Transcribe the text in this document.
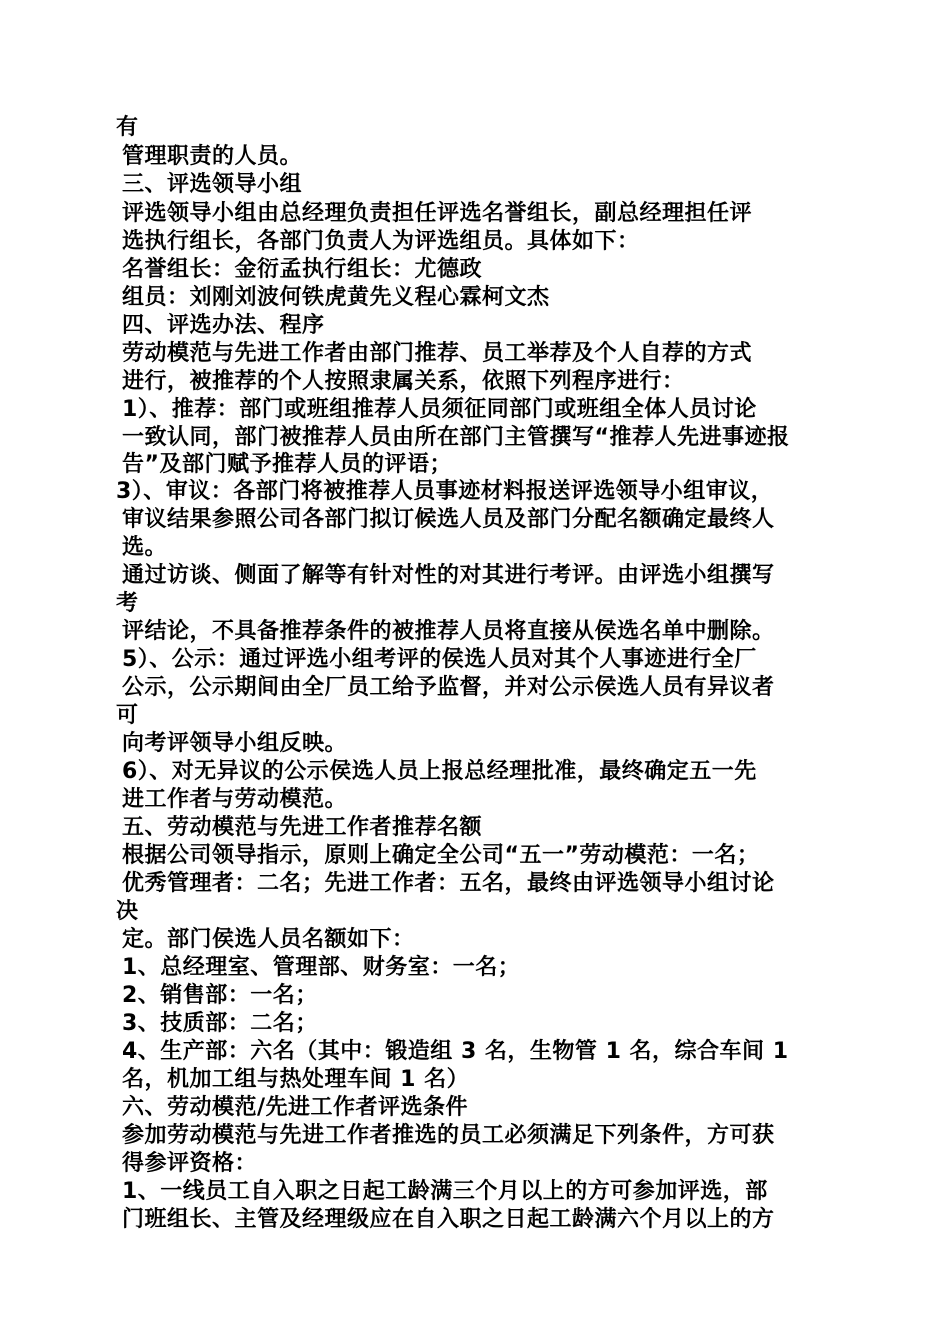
有
管理职责的人员。
三、评选领导小组
评选领导小组由总经理负责担任评选名誉组长，副总经理担任评
选执行组长，各部门负责人为评选组员。具体如下：
名誉组长：金衍孟执行组长：尤德政
组员：刘刚刘波何铁虎黄先义程心霖柯文杰
四、评选办法、程序
劳动模范与先进工作者由部门推荐、员工举荐及个人自荐的方式
进行，被推荐的个人按照隶属关系，依照下列程序进行：
1）、推荐：部门或班组推荐人员须征同部门或班组全体人员讨论
一致认同，部门被推荐人员由所在部门主管撰写“推荐人先进事迹报
告”及部门赋予推荐人员的评语；
3）、审议：各部门将被推荐人员事迹材料报送评选领导小组审议，
审议结果参照公司各部门拟订候选人员及部门分配名额确定最终人
选。
通过访谈、侧面了解等有针对性的对其进行考评。由评选小组撰写
考
评结论，不具备推荐条件的被推荐人员将直接从侯选名单中删除。
5）、公示：通过评选小组考评的侯选人员对其个人事迹进行全厂
公示，公示期间由全厂员工给予监督，并对公示侯选人员有异议者
可
向考评领导小组反映。
6）、对无异议的公示侯选人员上报总经理批准，最终确定五一先
进工作者与劳动模范。
五、劳动模范与先进工作者推荐名额
根据公司领导指示，原则上确定全公司“五一”劳动模范：一名；
优秀管理者：二名；先进工作者：五名，最终由评选领导小组讨论
决
定。部门侯选人员名额如下：
1、总经理室、管理部、财务室：一名；
2、销售部：一名；
3、技质部：二名；
4、生产部：六名（其中：锻造组 3 名，生物管 1 名，综合车间 1
名，机加工组与热处理车间 1 名）
六、劳动模范/先进工作者评选条件
参加劳动模范与先进工作者推选的员工必须满足下列条件，方可获
得参评资格：
1、一线员工自入职之日起工龄满三个月以上的方可参加评选，部
门班组长、主管及经理级应在自入职之日起工龄满六个月以上的方
